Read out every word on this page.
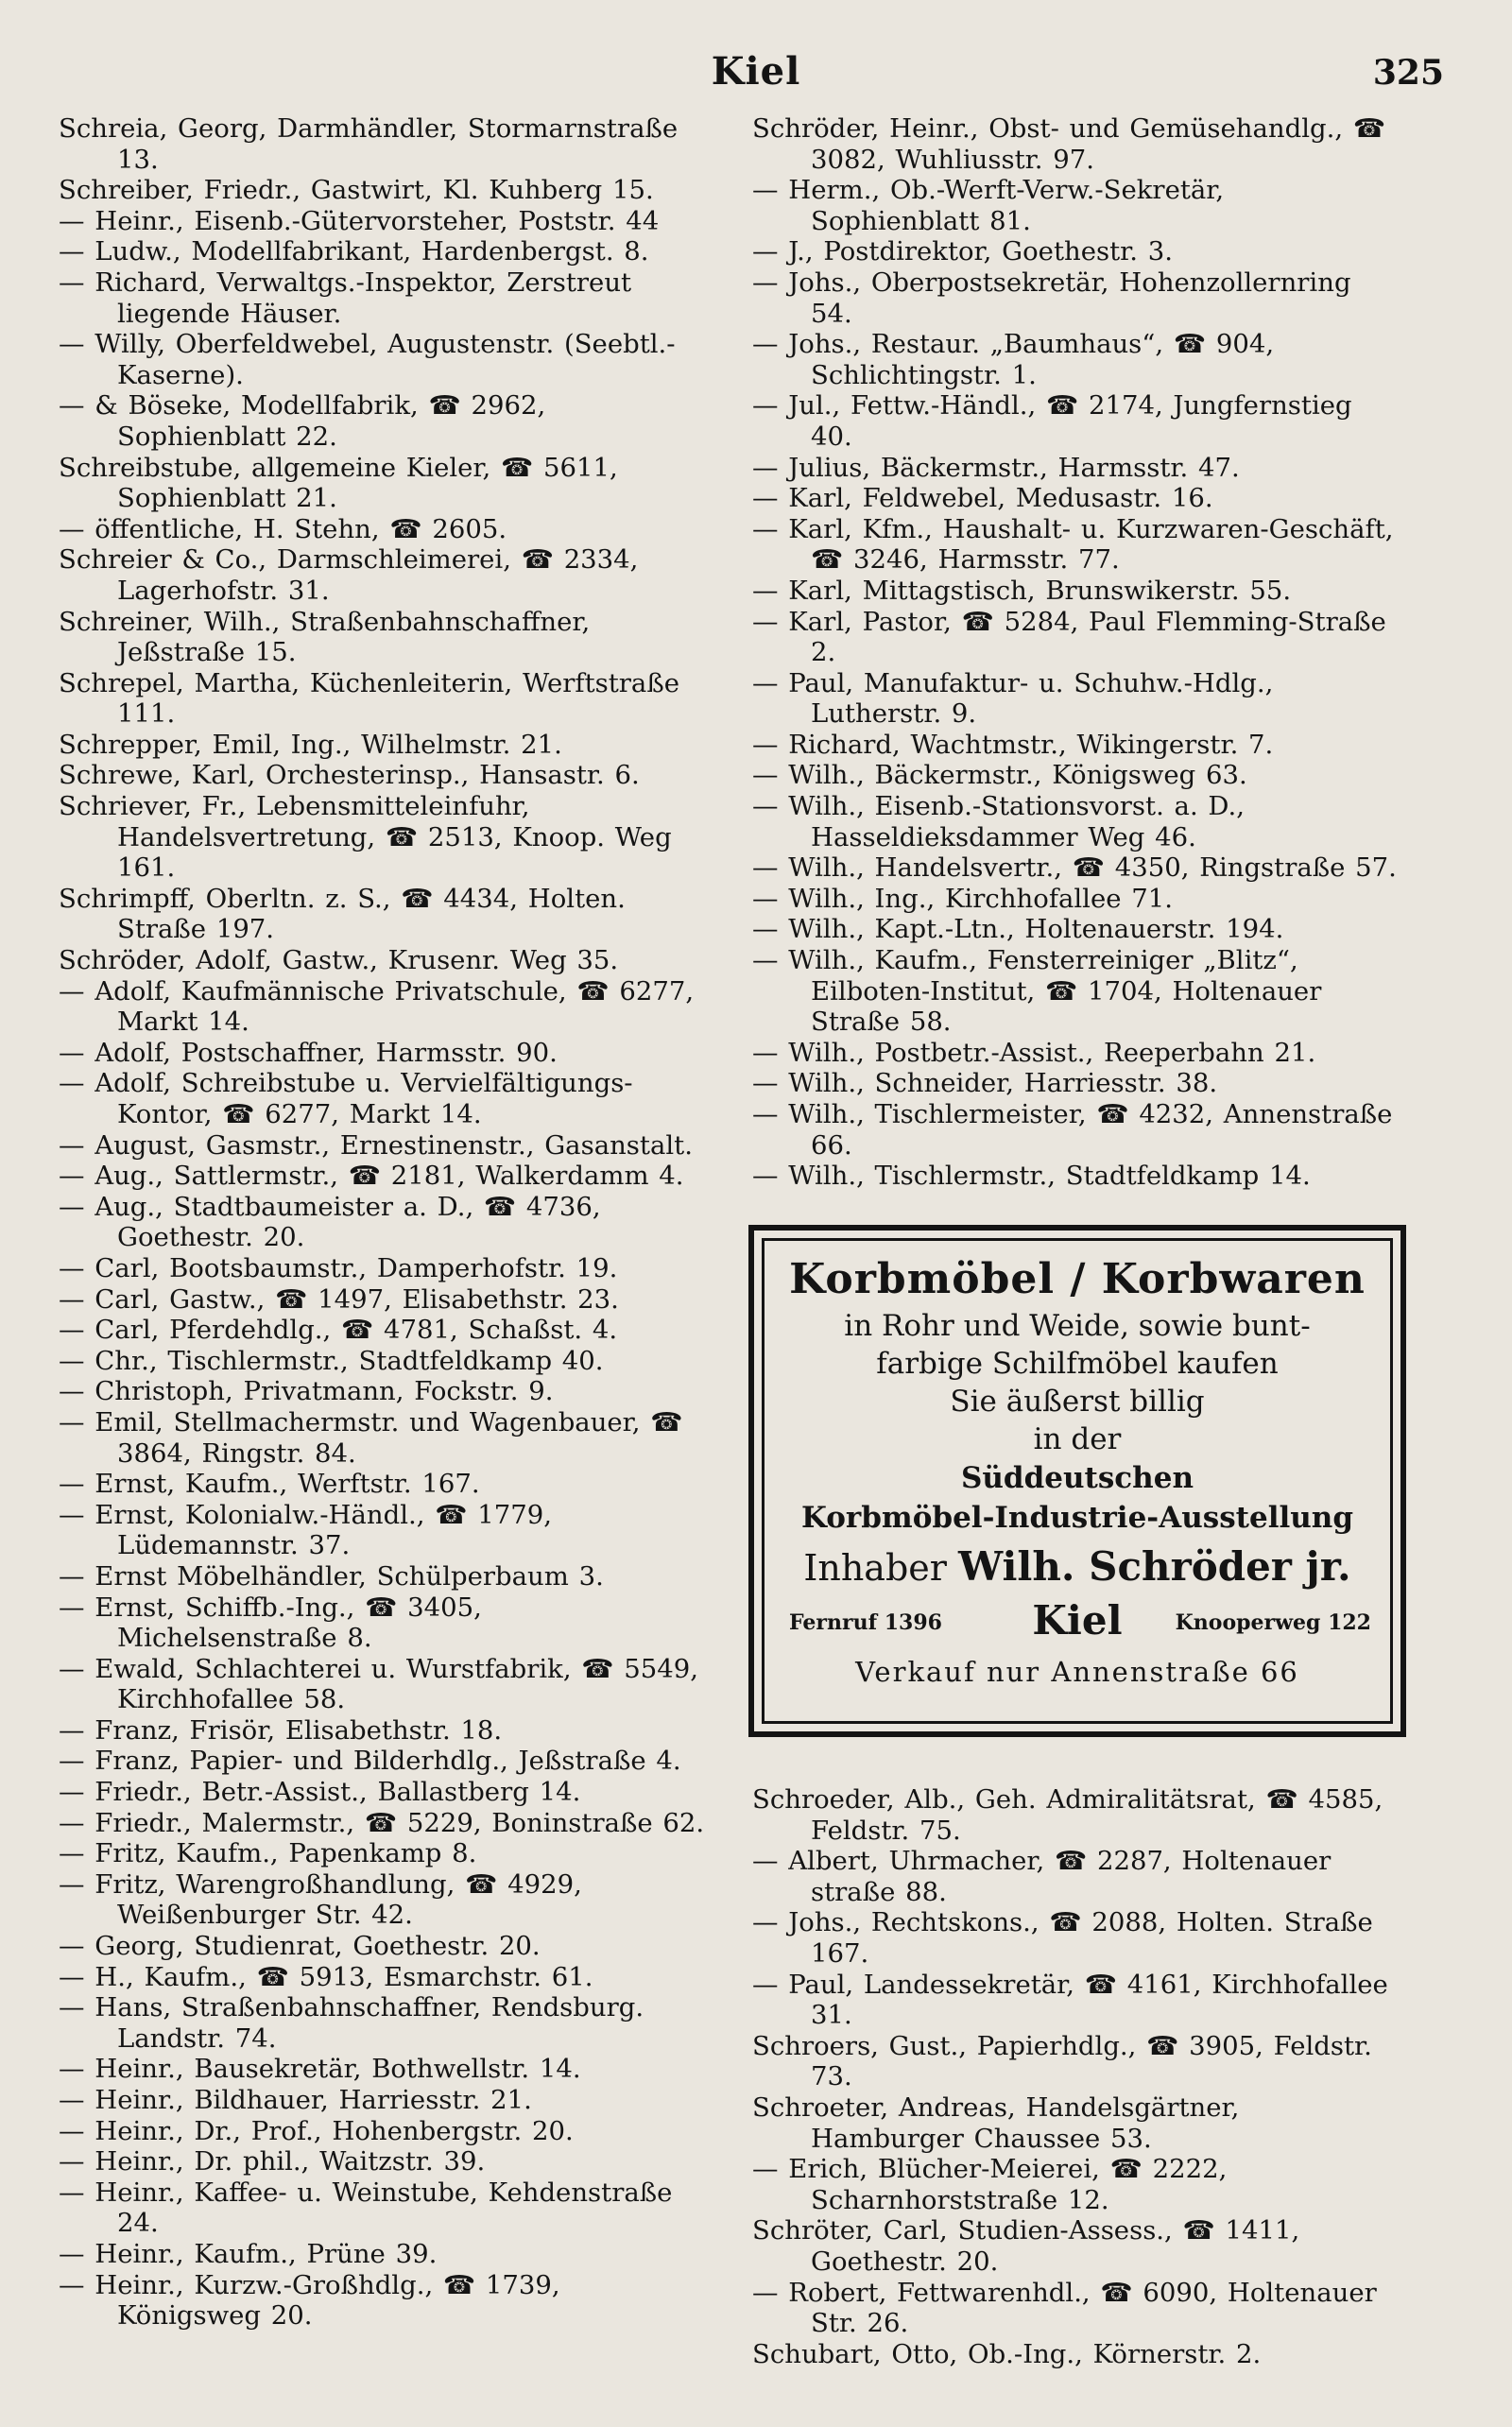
Kiel	325
Schreia, Georg, Darmhändler, Stormarnstraße 13.
Schreiber, Friedr., Gastwirt, Kl. Kuhberg 15.
— Heinr., Eisenb.-Gütervorsteher, Poststr. 44
— Ludw., Modellfabrikant, Hardenbergst. 8.
— Richard, Verwaltgs.-Inspektor, Zerstreut liegende Häuser.
— Willy, Oberfeldwebel, Augustenstr. (Seebtl.-Kaserne).
— & Böseke, Modellfabrik, ☎ 2962, Sophienblatt 22.
Schreibstube, allgemeine Kieler, ☎ 5611, Sophienblatt 21.
— öffentliche, H. Stehn, ☎ 2605.
Schreier & Co., Darmschleimerei, ☎ 2334, Lagerhofstr. 31.
Schreiner, Wilh., Straßenbahnschaffner, Jeßstraße 15.
Schrepel, Martha, Küchenleiterin, Werftstraße 111.
Schrepper, Emil, Ing., Wilhelmstr. 21.
Schrewe, Karl, Orchesterinsp., Hansastr. 6.
Schriever, Fr., Lebensmitteleinfuhr, Handelsvertretung, ☎ 2513, Knoop. Weg 161.
Schrimpff, Oberltn. z. S., ☎ 4434, Holten. Straße 197.
Schröder, Adolf, Gastw., Krusenr. Weg 35.
— Adolf, Kaufmännische Privatschule, ☎ 6277, Markt 14.
— Adolf, Postschaffner, Harmsstr. 90.
— Adolf, Schreibstube u. Vervielfältigungs-Kontor, ☎ 6277, Markt 14.
— August, Gasmstr., Ernestinenstr., Gasanstalt.
— Aug., Sattlermstr., ☎ 2181, Walkerdamm 4.
— Aug., Stadtbaumeister a. D., ☎ 4736, Goethestr. 20.
— Carl, Bootsbaumstr., Damperhofstr. 19.
— Carl, Gastw., ☎ 1497, Elisabethstr. 23.
— Carl, Pferdehdlg., ☎ 4781, Schaßst. 4.
— Chr., Tischlermstr., Stadtfeldkamp 40.
— Christoph, Privatmann, Fockstr. 9.
— Emil, Stellmachermstr. und Wagenbauer, ☎ 3864, Ringstr. 84.
— Ernst, Kaufm., Werftstr. 167.
— Ernst, Kolonialw.-Händl., ☎ 1779, Lüdemannstr. 37.
— Ernst Möbelhändler, Schülperbaum 3.
— Ernst, Schiffb.-Ing., ☎ 3405, Michelsenstraße 8.
— Ewald, Schlachterei u. Wurstfabrik, ☎ 5549, Kirchhofallee 58.
— Franz, Frisör, Elisabethstr. 18.
— Franz, Papier- und Bilderhdlg., Jeßstraße 4.
— Friedr., Betr.-Assist., Ballastberg 14.
— Friedr., Malermstr., ☎ 5229, Boninstraße 62.
— Fritz, Kaufm., Papenkamp 8.
— Fritz, Warengroßhandlung, ☎ 4929, Weißenburger Str. 42.
— Georg, Studienrat, Goethestr. 20.
— H., Kaufm., ☎ 5913, Esmarchstr. 61.
— Hans, Straßenbahnschaffner, Rendsburg. Landstr. 74.
— Heinr., Bausekretär, Bothwellstr. 14.
— Heinr., Bildhauer, Harriesstr. 21.
— Heinr., Dr., Prof., Hohenbergstr. 20.
— Heinr., Dr. phil., Waitzstr. 39.
— Heinr., Kaffee- u. Weinstube, Kehdenstraße 24.
— Heinr., Kaufm., Prüne 39.
— Heinr., Kurzw.-Großhdlg., ☎ 1739, Königsweg 20.
Schröder, Heinr., Obst- und Gemüsehandlg., ☎ 3082, Wuhliusstr. 97.
— Herm., Ob.-Werft-Verw.-Sekretär, Sophienblatt 81.
— J., Postdirektor, Goethestr. 3.
— Johs., Oberpostsekretär, Hohenzollernring 54.
— Johs., Restaur. „Baumhaus“, ☎ 904, Schlichtingstr. 1.
— Jul., Fettw.-Händl., ☎ 2174, Jungfernstieg 40.
— Julius, Bäckermstr., Harmsstr. 47.
— Karl, Feldwebel, Medusastr. 16.
— Karl, Kfm., Haushalt- u. Kurzwaren-Geschäft, ☎ 3246, Harmsstr. 77.
— Karl, Mittagstisch, Brunswikerstr. 55.
— Karl, Pastor, ☎ 5284, Paul Flemming-Straße 2.
— Paul, Manufaktur- u. Schuhw.-Hdlg., Lutherstr. 9.
— Richard, Wachtmstr., Wikingerstr. 7.
— Wilh., Bäckermstr., Königsweg 63.
— Wilh., Eisenb.-Stationsvorst. a. D., Hasseldieksdammer Weg 46.
— Wilh., Handelsvertr., ☎ 4350, Ringstraße 57.
— Wilh., Ing., Kirchhofallee 71.
— Wilh., Kapt.-Ltn., Holtenauerstr. 194.
— Wilh., Kaufm., Fensterreiniger „Blitz“, Eilboten-Institut, ☎ 1704, Holtenauer Straße 58.
— Wilh., Postbetr.-Assist., Reeperbahn 21.
— Wilh., Schneider, Harriesstr. 38.
— Wilh., Tischlermeister, ☎ 4232, Annenstraße 66.
— Wilh., Tischlermstr., Stadtfeldkamp 14.
Korbmöbel / Korbwaren
in Rohr und Weide, sowie bunt-
farbige Schilfmöbel kaufen
Sie äußerst billig
in der
Süddeutschen
Korbmöbel-Industrie-Ausstellung
Inhaber Wilh. Schröder jr.
Fernruf 1396	Kiel	Knooperweg 122
Verkauf nur Annenstraße 66
Schroeder, Alb., Geh. Admiralitätsrat, ☎ 4585, Feldstr. 75.
— Albert, Uhrmacher, ☎ 2287, Holtenauer straße 88.
— Johs., Rechtskons., ☎ 2088, Holten. Straße 167.
— Paul, Landessekretär, ☎ 4161, Kirchhofallee 31.
Schroers, Gust., Papierhdlg., ☎ 3905, Feldstr. 73.
Schroeter, Andreas, Handelsgärtner, Hamburger Chaussee 53.
— Erich, Blücher-Meierei, ☎ 2222, Scharnhorststraße 12.
Schröter, Carl, Studien-Assess., ☎ 1411, Goethestr. 20.
— Robert, Fettwarenhdl., ☎ 6090, Holtenauer Str. 26.
Schubart, Otto, Ob.-Ing., Körnerstr. 2.
